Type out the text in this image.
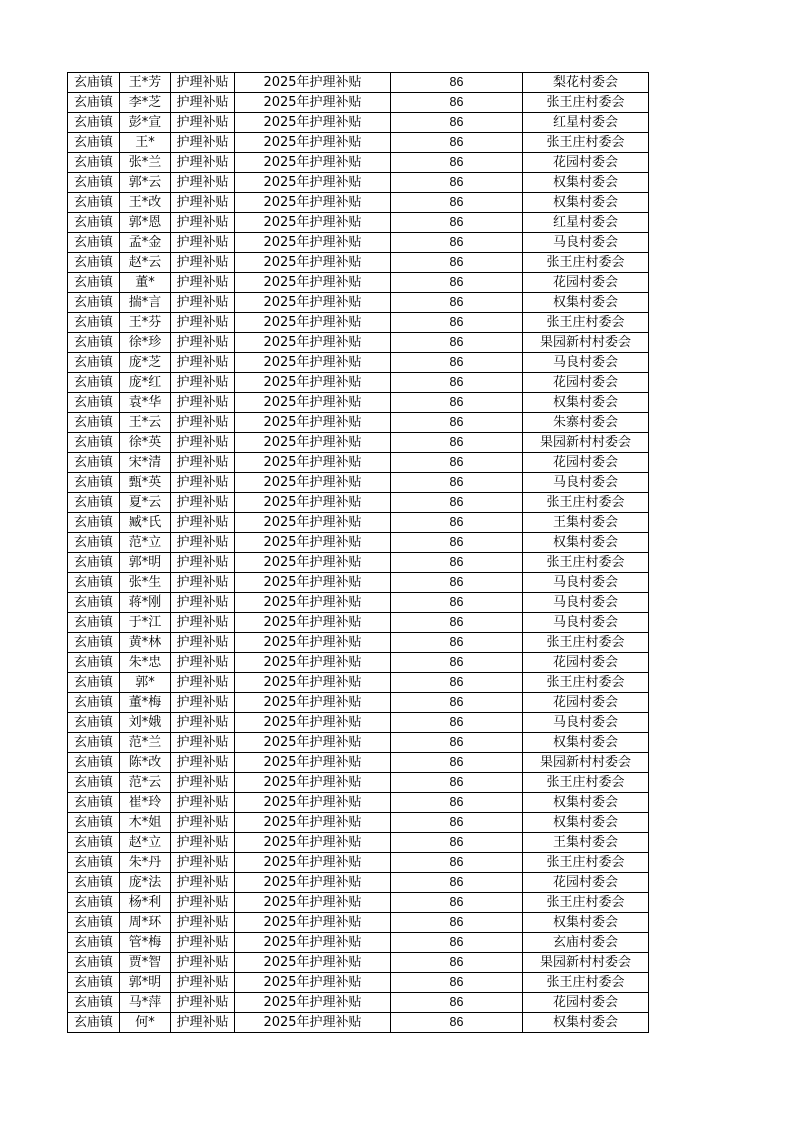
玄庙镇	王*芳	护理补贴	2025年护理补贴	86	梨花村委会
玄庙镇	李*芝	护理补贴	2025年护理补贴	86	张王庄村委会
玄庙镇	彭*宣	护理补贴	2025年护理补贴	86	红星村委会
玄庙镇	王*	护理补贴	2025年护理补贴	86	张王庄村委会
玄庙镇	张*兰	护理补贴	2025年护理补贴	86	花园村委会
玄庙镇	郭*云	护理补贴	2025年护理补贴	86	权集村委会
玄庙镇	王*改	护理补贴	2025年护理补贴	86	权集村委会
玄庙镇	郭*恩	护理补贴	2025年护理补贴	86	红星村委会
玄庙镇	孟*金	护理补贴	2025年护理补贴	86	马良村委会
玄庙镇	赵*云	护理补贴	2025年护理补贴	86	张王庄村委会
玄庙镇	董*	护理补贴	2025年护理补贴	86	花园村委会
玄庙镇	揣*言	护理补贴	2025年护理补贴	86	权集村委会
玄庙镇	王*芬	护理补贴	2025年护理补贴	86	张王庄村委会
玄庙镇	徐*珍	护理补贴	2025年护理补贴	86	果园新村村委会
玄庙镇	庞*芝	护理补贴	2025年护理补贴	86	马良村委会
玄庙镇	庞*红	护理补贴	2025年护理补贴	86	花园村委会
玄庙镇	袁*华	护理补贴	2025年护理补贴	86	权集村委会
玄庙镇	王*云	护理补贴	2025年护理补贴	86	朱寨村委会
玄庙镇	徐*英	护理补贴	2025年护理补贴	86	果园新村村委会
玄庙镇	宋*清	护理补贴	2025年护理补贴	86	花园村委会
玄庙镇	甄*英	护理补贴	2025年护理补贴	86	马良村委会
玄庙镇	夏*云	护理补贴	2025年护理补贴	86	张王庄村委会
玄庙镇	臧*氏	护理补贴	2025年护理补贴	86	王集村委会
玄庙镇	范*立	护理补贴	2025年护理补贴	86	权集村委会
玄庙镇	郭*明	护理补贴	2025年护理补贴	86	张王庄村委会
玄庙镇	张*生	护理补贴	2025年护理补贴	86	马良村委会
玄庙镇	蒋*刚	护理补贴	2025年护理补贴	86	马良村委会
玄庙镇	于*江	护理补贴	2025年护理补贴	86	马良村委会
玄庙镇	黄*林	护理补贴	2025年护理补贴	86	张王庄村委会
玄庙镇	朱*忠	护理补贴	2025年护理补贴	86	花园村委会
玄庙镇	郭*	护理补贴	2025年护理补贴	86	张王庄村委会
玄庙镇	董*梅	护理补贴	2025年护理补贴	86	花园村委会
玄庙镇	刘*娥	护理补贴	2025年护理补贴	86	马良村委会
玄庙镇	范*兰	护理补贴	2025年护理补贴	86	权集村委会
玄庙镇	陈*改	护理补贴	2025年护理补贴	86	果园新村村委会
玄庙镇	范*云	护理补贴	2025年护理补贴	86	张王庄村委会
玄庙镇	崔*玲	护理补贴	2025年护理补贴	86	权集村委会
玄庙镇	木*姐	护理补贴	2025年护理补贴	86	权集村委会
玄庙镇	赵*立	护理补贴	2025年护理补贴	86	王集村委会
玄庙镇	朱*丹	护理补贴	2025年护理补贴	86	张王庄村委会
玄庙镇	庞*法	护理补贴	2025年护理补贴	86	花园村委会
玄庙镇	杨*利	护理补贴	2025年护理补贴	86	张王庄村委会
玄庙镇	周*环	护理补贴	2025年护理补贴	86	权集村委会
玄庙镇	管*梅	护理补贴	2025年护理补贴	86	玄庙村委会
玄庙镇	贾*智	护理补贴	2025年护理补贴	86	果园新村村委会
玄庙镇	郭*明	护理补贴	2025年护理补贴	86	张王庄村委会
玄庙镇	马*萍	护理补贴	2025年护理补贴	86	花园村委会
玄庙镇	何*	护理补贴	2025年护理补贴	86	权集村委会
